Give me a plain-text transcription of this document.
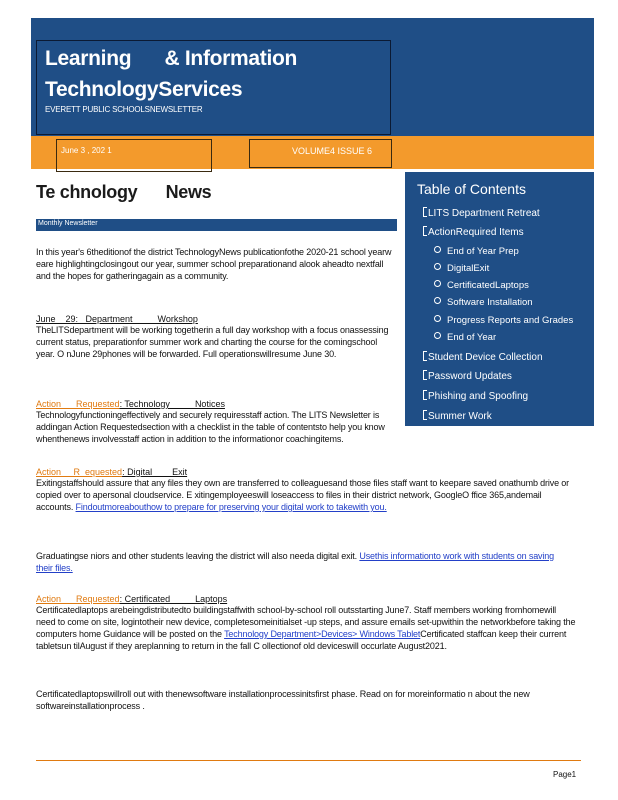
Learning      & Information
TechnologyServices
EVERETT PUBLIC SCHOOLSNEWSLETTER
June 3 , 202 1	VOLUME4 ISSUE 6
Te chnology      News
Monthly Newsletter

In this year's 6theditionof the district TechnologyNews publicationfothe 2020-21 school yearw eare highlightingclosingout our year, summer school preparationand alook aheadto nextfall and the hopes for gatheringagain as a community.

June    29:   Department          Workshop

TheLITSdepartment will be working togetherin a full day workshop with a focus onassessing current status, preparationfor summer work and charting the course for the comingschool year. O nJune 29phones will be forwarded. Full operationswillresume June 30.

Action      Requested: Technology          Notices

Technologyfunctioningeffectively and securely requiresstaff action. The LITS Newsletter is addingan Action Requestedsection with a checklist in the table of contentsto help you know whenthenews involvesstaff action in addition to the informationor coachingitems.

Action     R  equested: Digital        Exit

Exitingstaffshould assure that any files they own are transferred to colleaguesand those files staff want to keepare saved onathumb drive or copied over to apersonal cloudservice. E xitingemployeeswill loseaccess to files in their district network, GoogleO ffice 365,andemail accounts. Findoutmoreabouthow to prepare for preserving your digital work to takewith you.

Graduatingse niors and other students leaving the district will also needa digital exit. Usethis informationto work with students on saving their files.

Action      Requested: Certificated          Laptops

Certificatedlaptops arebeingdistributedto buildingstaffwith school-by-school roll outsstarting June7. Staff members working fromhomewill need to come on site, logintotheir new device, completesomeinitialset -up steps, and assure emails set-upwithin the networkbefore taking the computers home Guidance will be posted on the Technology Department>Devices> Windows TabletCertificated staffcan keep their current tabletsun tilAugust if they areplanning to return in the fall C ollectionof old deviceswill occurlate August2021.

Certificatedlaptopswillroll out with thenewsoftware installationprocessinitsfirst phase. Read on for moreinformatio n about the new softwareinstallationprocess .

Table of Contents
LITS Department Retreat
ActionRequired Items
End of Year Prep
DigitalExit
CertificatedLaptops
Software Installation
Progress Reports and Grades
End of Year
Student Device Collection
Password Updates
Phishing and Spoofing
Summer Work
Page1
